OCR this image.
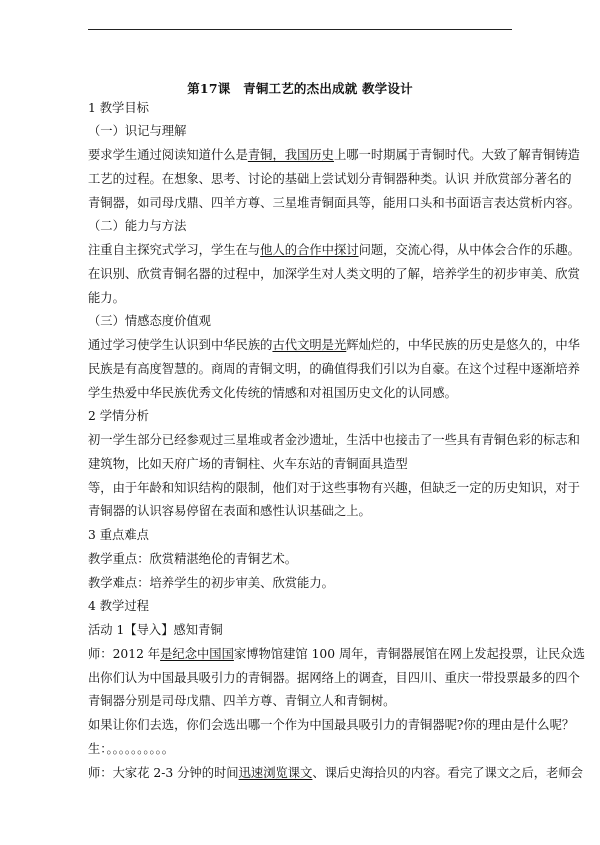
第17课　青铜工艺的杰出成就 教学设计
1 教学目标
（一）识记与理解
要求学生通过阅读知道什么是青铜，我国历史上哪一时期属于青铜时代。大致了解青铜铸造
工艺的过程。在想象、思考、讨论的基础上尝试划分青铜器种类。认识 并欣赏部分著名的
青铜器，如司母戊鼎、四羊方尊、三星堆青铜面具等，能用口头和书面语言表达赏析内容。
（二）能力与方法
注重自主探究式学习，学生在与他人的合作中探讨问题，交流心得，从中体会合作的乐趣。
在识别、欣赏青铜名器的过程中，加深学生对人类文明的了解，培养学生的初步审美、欣赏
能力。
（三）情感态度价值观
通过学习使学生认识到中华民族的古代文明是光辉灿烂的，中华民族的历史是悠久的，中华
民族是有高度智慧的。商周的青铜文明，的确值得我们引以为自豪。在这个过程中逐渐培养
学生热爱中华民族优秀文化传统的情感和对祖国历史文化的认同感。
2 学情分析
初一学生部分已经参观过三星堆或者金沙遗址，生活中也接击了一些具有青铜色彩的标志和
建筑物，比如天府广场的青铜柱、火车东站的青铜面具造型
等，由于年龄和知识结构的限制，他们对于这些事物有兴趣，但缺乏一定的历史知识，对于
青铜器的认识容易停留在表面和感性认识基础之上。
3 重点难点
教学重点：欣赏精湛绝伦的青铜艺术。
教学难点：培养学生的初步审美、欣赏能力。
4 教学过程
活动 1【导入】感知青铜
师：2012 年是纪念中国国家博物馆建馆 100 周年，青铜器展馆在网上发起投票，让民众选
出你们认为中国最具吸引力的青铜器。据网络上的调查，目四川、重庆一带投票最多的四个
青铜器分别是司母戊鼎、四羊方尊、青铜立人和青铜树。
如果让你们去选，你们会选出哪一个作为中国最具吸引力的青铜器呢?你的理由是什么呢？
生：。。。。。。。。。。
师：大家花 2-3 分钟的时间迅速浏览课文、课后史海拾贝的内容。看完了课文之后，老师会
